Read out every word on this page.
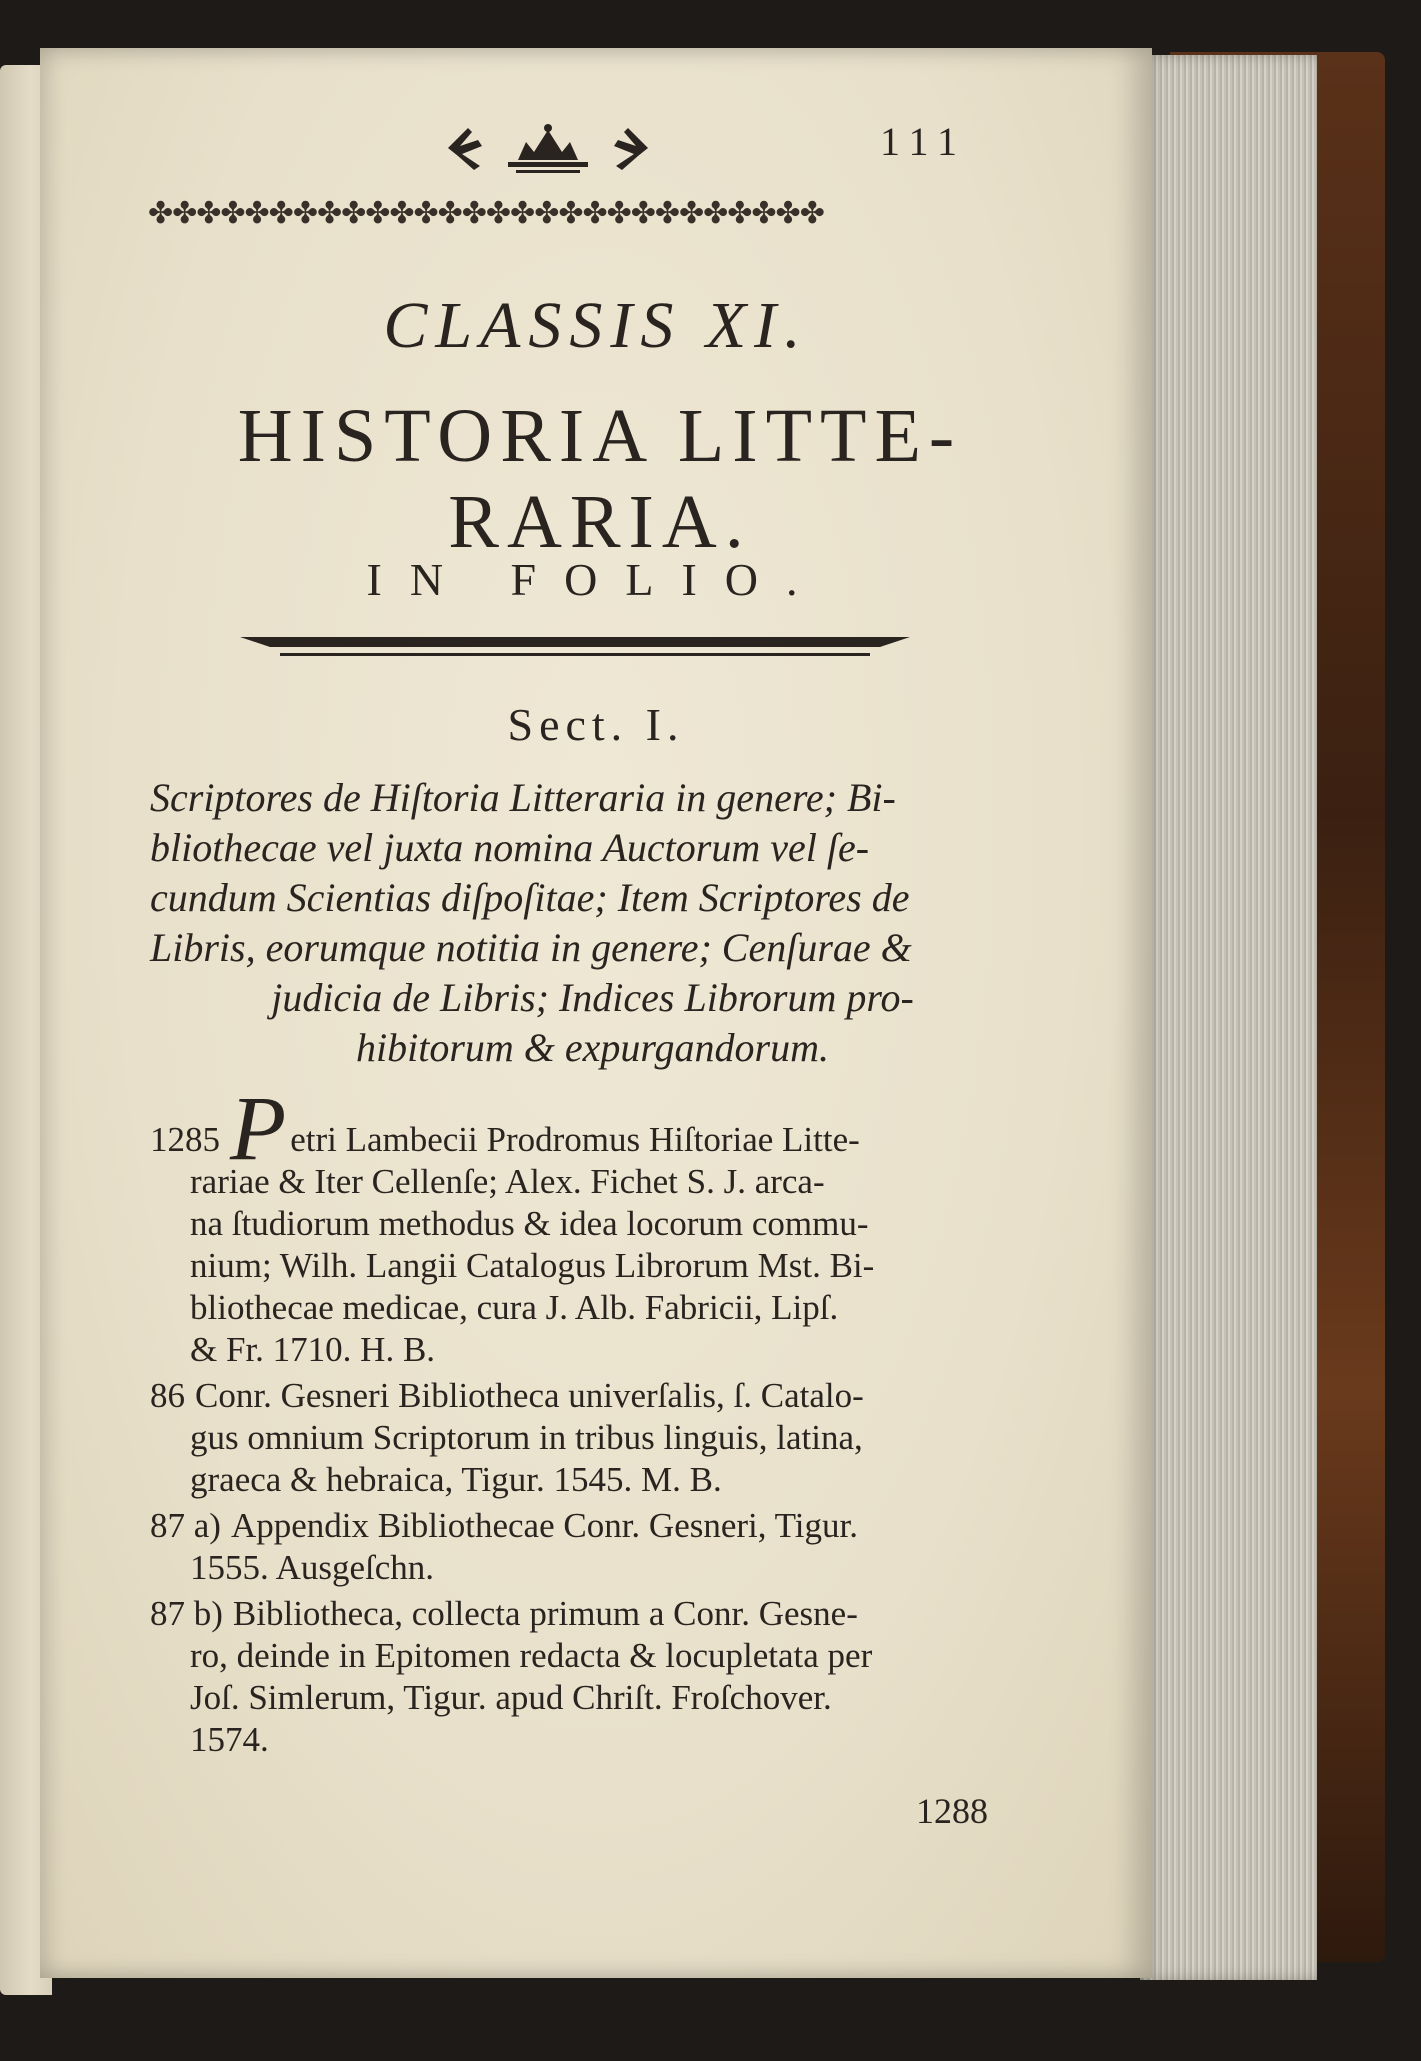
111
✤✤✤✤✤✤✤✤✤✤✤✤✤✤✤✤✤✤✤✤✤✤✤✤✤✤✤✤
CLASSIS XI.
HISTORIA LITTE-
RARIA.
IN FOLIO.
Sect. I.
Scriptores de Hiſtoria Litteraria in genere; Bi-
bliothecae vel juxta nomina Auctorum vel ſe-
cundum Scientias diſpoſitae; Item Scriptores de
Libris, eorumque notitia in genere; Cenſurae &
judicia de Libris; Indices Librorum pro-
hibitorum & expurgandorum.
1285 P etri Lambecii Prodromus Hiſtoriae Litte-
rariae & Iter Cellenſe; Alex. Fichet S. J. arca-
na ſtudiorum methodus & idea locorum commu-
nium; Wilh. Langii Catalogus Librorum Mst. Bi-
bliothecae medicae, cura J. Alb. Fabricii, Lipſ.
& Fr. 1710. H. B.
86 Conr. Gesneri Bibliotheca univerſalis, ſ. Catalo-
gus omnium Scriptorum in tribus linguis, latina,
graeca & hebraica, Tigur. 1545. M. B.
87 a) Appendix Bibliothecae Conr. Gesneri, Tigur.
1555. Ausgeſchn.
87 b) Bibliotheca, collecta primum a Conr. Gesne-
ro, deinde in Epitomen redacta & locupletata per
Joſ. Simlerum, Tigur. apud Chriſt. Froſchover.
1574.
1288
